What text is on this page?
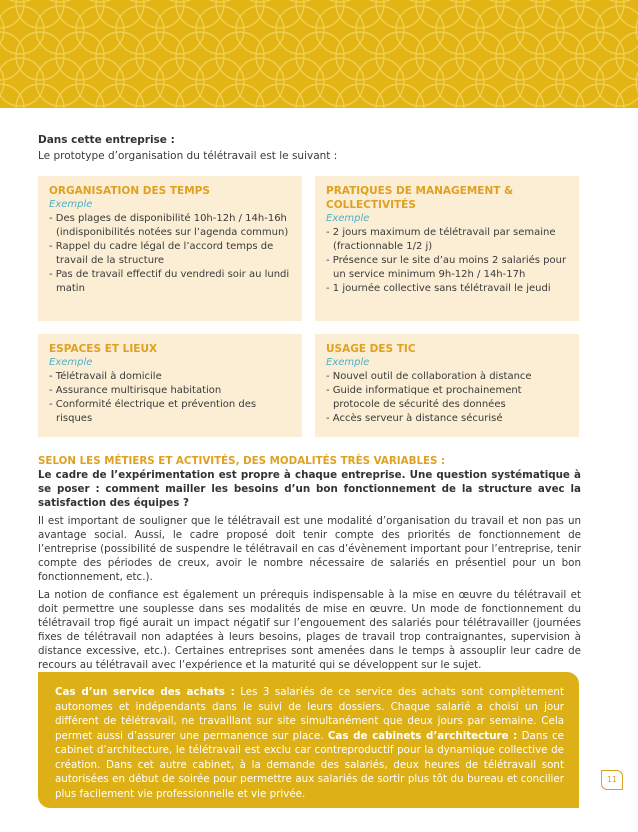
Dans cette entreprise :

Le prototype d’organisation du télétravail est le suivant :

ORGANISATION DES TEMPS
Exemple
- Des plages de disponibilité 10h-12h / 14h-16h (indisponibilités notées sur l’agenda commun)
- Rappel du cadre légal de l’accord temps de travail de la structure
- Pas de travail effectif du vendredi soir au lundi matin
PRATIQUES DE MANAGEMENT & COLLECTIVITÉS
Exemple
- 2 jours maximum de télétravail par semaine (fractionnable 1/2 j)
- Présence sur le site d’au moins 2 salariés pour un service minimum 9h-12h / 14h-17h
- 1 journée collective sans télétravail le jeudi
ESPACES ET LIEUX
Exemple
- Télétravail à domicile
- Assurance multirisque habitation
- Conformité électrique et prévention des risques
USAGE DES TIC
Exemple
- Nouvel outil de collaboration à distance
- Guide informatique et prochainement protocole de sécurité des données
- Accès serveur à distance sécurisé

SELON LES MÉTIERS ET ACTIVITÉS, DES MODALITÉS TRÈS VARIABLES :

Le cadre de l’expérimentation est propre à chaque entreprise. Une question systématique à se poser : comment mailler les besoins d’un bon fonctionnement de la structure avec la satisfaction des équipes ?

Il est important de souligner que le télétravail est une modalité d’organisation du travail et non pas un avantage social. Aussi, le cadre proposé doit tenir compte des priorités de fonctionnement de l’entreprise (possibilité de suspendre le télétravail en cas d’évènement important pour l’entreprise, tenir compte des périodes de creux, avoir le nombre nécessaire de salariés en présentiel pour un bon fonctionnement, etc.).

La notion de confiance est également un prérequis indispensable à la mise en œuvre du télétravail et doit permettre une souplesse dans ses modalités de mise en œuvre. Un mode de fonctionnement du télétravail trop figé aurait un impact négatif sur l’engouement des salariés pour télétravailler (journées fixes de télétravail non adaptées à leurs besoins, plages de travail trop contraignantes, supervision à distance excessive, etc.). Certaines entreprises sont amenées dans le temps à assouplir leur cadre de recours au télétravail avec l’expérience et la maturité qui se développent sur le sujet.

Cas d’un service des achats : Les 3 salariés de ce service des achats sont complètement autonomes et indépendants dans le suivi de leurs dossiers. Chaque salarié a choisi un jour différent de télétravail, ne travaillant sur site simultanément que deux jours par semaine. Cela permet aussi d’assurer une permanence sur place. Cas de cabinets d’architecture : Dans ce cabinet d’architecture, le télétravail est exclu car contreproductif pour la dynamique collective de création. Dans cet autre cabinet, à la demande des salariés, deux heures de télétravail sont autorisées en début de soirée pour permettre aux salariés de sortir plus tôt du bureau et concilier plus facilement vie professionnelle et vie privée.

11
